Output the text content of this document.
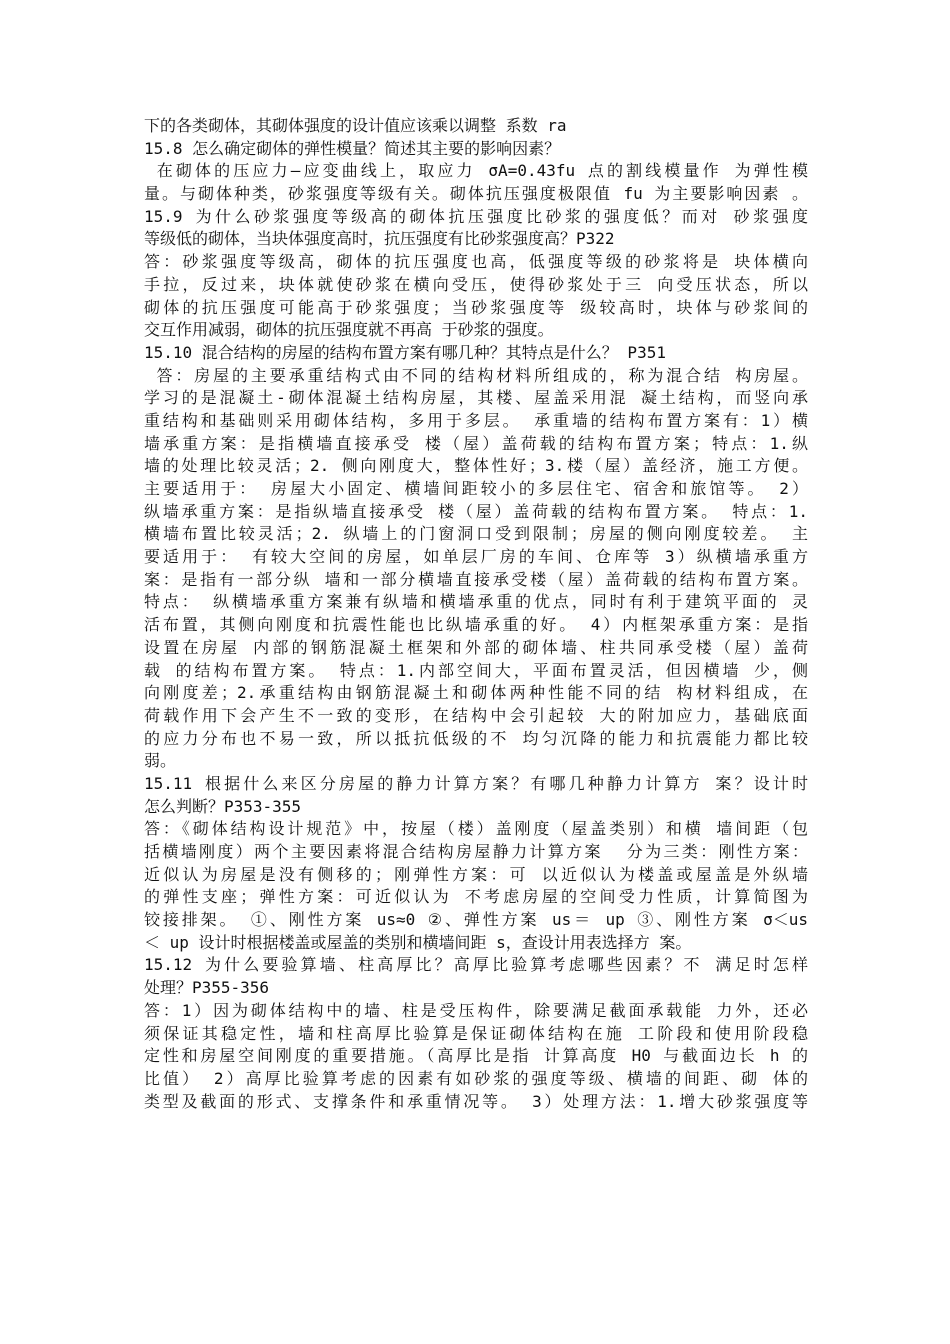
下的各类砌体，其砌体强度的设计值应该乘以调整 系数 ra
15.8 怎么确定砌体的弹性模量？简述其主要的影响因素？
在砌体的压应力—应变曲线上，取应力 σA=0.43fu 点的割线模量作 为弹性模
量。与砌体种类，砂浆强度等级有关。砌体抗压强度极限值 fu 为主要影响因素 。
15.9 为什么砂浆强度等级高的砌体抗压强度比砂浆的强度低？而对 砂浆强度
等级低的砌体，当块体强度高时，抗压强度有比砂浆强度高？P322
答：砂浆强度等级高，砌体的抗压强度也高，低强度等级的砂浆将是 块体横向
手拉，反过来，块体就使砂浆在横向受压，使得砂浆处于三 向受压状态，所以
砌体的抗压强度可能高于砂浆强度；当砂浆强度等 级较高时，块体与砂浆间的
交互作用减弱，砌体的抗压强度就不再高 于砂浆的强度。
15.10 混合结构的房屋的结构布置方案有哪几种？其特点是什么？ P351
答：房屋的主要承重结构式由不同的结构材料所组成的，称为混合结 构房屋。
学习的是混凝土-砌体混凝土结构房屋，其楼、屋盖采用混 凝土结构，而竖向承
重结构和基础则采用砌体结构，多用于多层。 承重墙的结构布置方案有：1）横
墙承重方案：是指横墙直接承受 楼（屋）盖荷载的结构布置方案；特点：1.纵
墙的处理比较灵活；2. 侧向刚度大，整体性好；3.楼（屋）盖经济，施工方便。
主要适用于： 房屋大小固定、横墙间距较小的多层住宅、宿舍和旅馆等。 2）
纵墙承重方案：是指纵墙直接承受 楼（屋）盖荷载的结构布置方案。 特点：1.
横墙布置比较灵活；2. 纵墙上的门窗洞口受到限制；房屋的侧向刚度较差。 主
要适用于： 有较大空间的房屋，如单层厂房的车间、仓库等 3）纵横墙承重方
案：是指有一部分纵 墙和一部分横墙直接承受楼（屋）盖荷载的结构布置方案。
特点： 纵横墙承重方案兼有纵墙和横墙承重的优点，同时有利于建筑平面的 灵
活布置，其侧向刚度和抗震性能也比纵墙承重的好。 4）内框架承重方案：是指
设置在房屋 内部的钢筋混凝土框架和外部的砌体墙、柱共同承受楼（屋）盖荷
载 的结构布置方案。 特点：1.内部空间大，平面布置灵活，但因横墙 少，侧
向刚度差；2.承重结构由钢筋混凝土和砌体两种性能不同的结 构材料组成，在
荷载作用下会产生不一致的变形，在结构中会引起较 大的附加应力，基础底面
的应力分布也不易一致，所以抵抗低级的不 均匀沉降的能力和抗震能力都比较
弱。
15.11 根据什么来区分房屋的静力计算方案？有哪几种静力计算方 案？设计时
怎么判断？P353-355
答：《砌体结构设计规范》中，按屋（楼）盖刚度（屋盖类别）和横 墙间距（包
括横墙刚度）两个主要因素将混合结构房屋静力计算方案  分为三类：刚性方案：
近似认为房屋是没有侧移的；刚弹性方案：可 以近似认为楼盖或屋盖是外纵墙
的弹性支座；弹性方案：可近似认为 不考虑房屋的空间受力性质，计算简图为
铰接排架。 ①、刚性方案 us≈0 ②、弹性方案 us＝ up ③、刚性方案 σ＜us
＜ up 设计时根据楼盖或屋盖的类别和横墙间距 s，查设计用表选择方 案。
15.12 为什么要验算墙、柱高厚比？高厚比验算考虑哪些因素？不 满足时怎样
处理？P355-356
答：1）因为砌体结构中的墙、柱是受压构件，除要满足截面承载能 力外，还必
须保证其稳定性，墙和柱高厚比验算是保证砌体结构在施 工阶段和使用阶段稳
定性和房屋空间刚度的重要措施。（高厚比是指 计算高度 H0 与截面边长 h 的
比值） 2）高厚比验算考虑的因素有如砂浆的强度等级、横墙的间距、砌 体的
类型及截面的形式、支撑条件和承重情况等。 3）处理方法：1.增大砂浆强度等
